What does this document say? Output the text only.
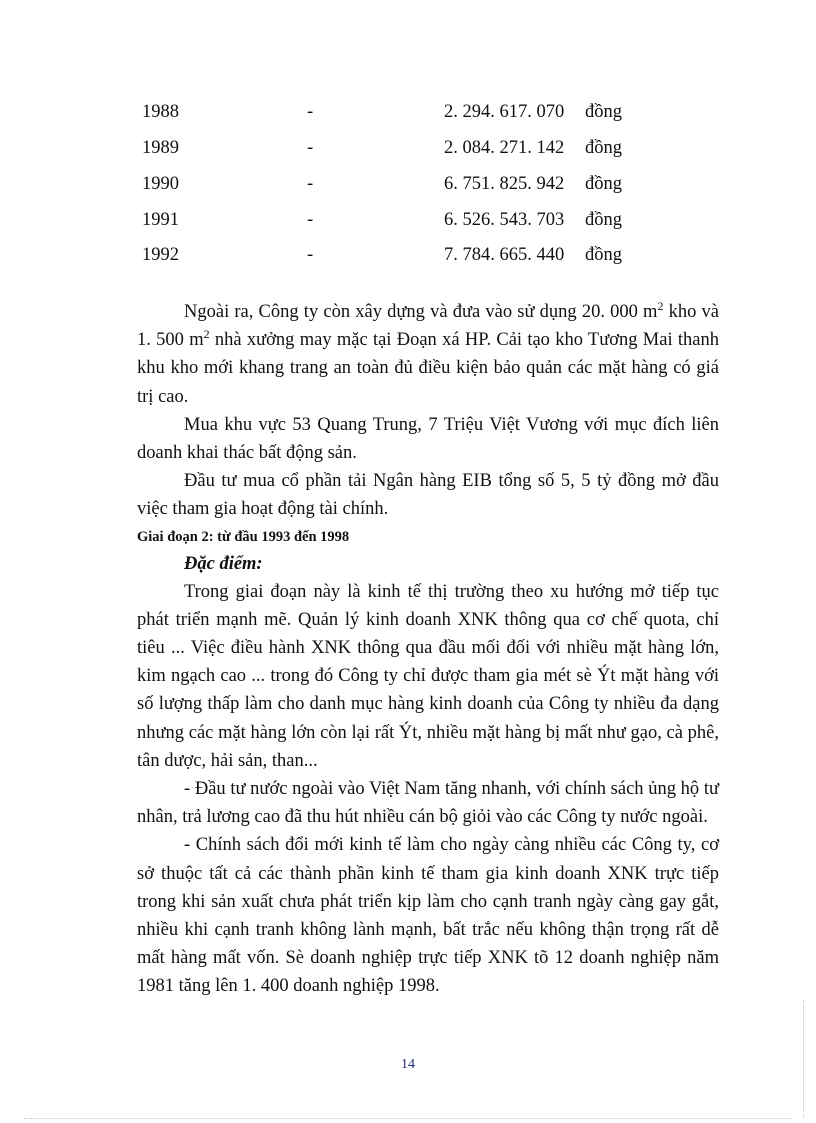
1988	-	2. 294. 617. 070 đồng
1989	-	2. 084. 271. 142 đồng
1990	-	6. 751. 825. 942 đồng
1991	-	6. 526. 543. 703 đồng
1992	-	7. 784. 665. 440 đồng

Ngoài ra, Công ty còn xây dựng và đưa vào sử dụng 20. 000 $m^2$ kho và 1. 500 $m^2$ nhà xưởng may mặc tại Đoạn xá HP. Cải tạo kho Tương Mai thanh khu kho mới khang trang an toàn đủ điều kiện bảo quản các mặt hàng có giá trị cao.

Mua khu vực 53 Quang Trung, 7 Triệu Việt Vương với mục đích liên doanh khai thác bất động sản.

Đầu tư mua cổ phần tải Ngân hàng EIB tổng số 5, 5 tỷ đồng mở đầu việc tham gia hoạt động tài chính.

Giai đoạn 2: từ đầu 1993 đến 1998

Đặc điểm:

Trong giai đoạn này là kinh tế thị trường theo xu hướng mở tiếp tục phát triển mạnh mẽ. Quản lý kinh doanh XNK thông qua cơ chế quota, chỉ tiêu ... Việc điều hành XNK thông qua đầu mối đối với nhiều mặt hàng lớn, kim ngạch cao ... trong đó Công ty chỉ được tham gia mét sè Ýt mặt hàng với số lượng thấp làm cho danh mục hàng kinh doanh của Công ty nhiều đa dạng nhưng các mặt hàng lớn còn lại rất Ýt, nhiều mặt hàng bị mất như gạo, cà phê, tân dược, hải sản, than...

- Đầu tư nước ngoài vào Việt Nam tăng nhanh, với chính sách ủng hộ tư nhân, trả lương cao đã thu hút nhiều cán bộ giỏi vào các Công ty nước ngoài.

- Chính sách đổi mới kinh tế làm cho ngày càng nhiều các Công ty, cơ sở thuộc tất cả các thành phần kinh tế tham gia kinh doanh XNK trực tiếp trong khi sản xuất chưa phát triển kịp làm cho cạnh tranh ngày càng gay gắt, nhiều khi cạnh tranh không lành mạnh, bất trắc nếu không thận trọng rất dễ mất hàng mất vốn. Sè doanh nghiệp trực tiếp XNK tõ 12 doanh nghiệp năm 1981 tăng lên 1. 400 doanh nghiệp 1998.

14
